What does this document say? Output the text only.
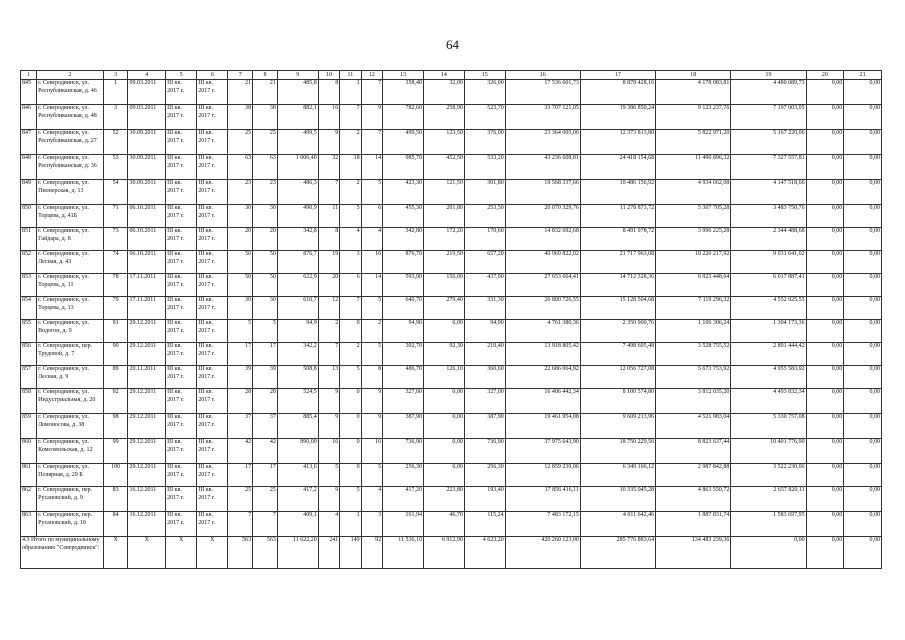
64
1	2	3	4	5	6	7	8	9	10	11	12	13	14	15	16	17	18	19	20	21
845	г. Северодвинск, ул. Республиканская, д. 46	1	09.03.2011	III кв. 2017 г.	III кв. 2017 г.	21	21	485,8	8	1	7	358,40	32,00	326,00	17 536 601,73	8 878 428,16	4 178 083,81	4 480 089,73	0,00	0,00
846	г. Северодвинск, ул. Республиканская, д. 48	3	09.03.2011	III кв. 2017 г.	III кв. 2017 г.	38	38	882,1	16	7	9	782,60	258,90	523,70	33 707 121,05	19 386 850,24	9 123 237,76	7 197 003,05	0,00	0,00
847	г. Северодвинск, ул. Республиканская, д. 27	52	30.09.2011	III кв. 2017 г.	III кв. 2017 г.	25	25	499,5	9	2	7	499,50	123,50	376,00	23 364 005,06	12 373 813,80	5 822 971,20	5 167 220,06	0,00	0,00
848	г. Северодвинск, ул. Республиканская, д. 36	53	30.09.2011	III кв. 2017 г.	III кв. 2017 г.	63	63	1 006,40	32	18	14	985,70	452,50	533,20	43 236 608,81	24 418 154,68	11 490 896,32	7 327 557,81	0,00	0,00
849	г. Северодвинск, ул. Пионерская, д. 13	54	30.09.2011	III кв. 2017 г.	III кв. 2017 г.	23	23	486,3	7	2	5	423,30	121,50	301,80	19 568 337,66	10 486 156,92	4 934 662,08	4 147 518,66	0,00	0,00
850	г. Северодвинск, ул. Торцева, д. 41Б	71	06.10.2011	III кв. 2017 г.	III кв. 2017 г.	30	30	490,9	11	5	6	455,30	201,80	253,50	20 070 329,76	11 278 873,72	5 307 705,28	3 483 750,76	0,00	0,00
851	г. Северодвинск, ул. Гайдара, д. 8	73	06.10.2011	III кв. 2017 г.	III кв. 2017 г.	20	20	342,8	8	4	4	342,80	172,20	170,60	14 832 692,68	8 491 978,72	3 996 225,28	2 344 488,68	0,00	0,00
852	г. Северодвинск, ул. Лесная, д. 43	74	06.10.2011	III кв. 2017 г.	III кв. 2017 г.	50	50	876,7	19	3	16	876,70	219,50	657,20	40 969 822,02	21 717 963,08	10 220 217,92	9 031 641,02	0,00	0,00
853	г. Северодвинск, ул. Торцева, д. 11	78	17.11.2011	III кв. 2017 г.	III кв. 2017 г.	50	50	622,9	20	6	14	593,90	156,00	437,90	27 653 664,41	14 712 328,36	6 923 448,64	6 017 887,41	0,00	0,00
854	г. Северодвинск, ул. Торцева, д. 13	79	17.11.2011	III кв. 2017 г.	III кв. 2017 г.	30	30	610,7	12	7	5	640,70	279,40	331,30	26 800 726,55	15 128 504,68	7 119 296,32	4 552 925,55	0,00	0,00
855	г. Северодвинск, ул. Водогон, д. 9	91	29.12.2011	III кв. 2017 г.	III кв. 2017 г.	5	5	94,9	2	0	2	94,90	0,00	94,90	4 761 380,36	2 350 900,76	1 106 306,24	1 304 173,36	0,00	0,00
856	г. Северодвинск, пер. Трудовой, д. 7	90	29.12.2011	III кв. 2017 г.	III кв. 2017 г.	17	17	342,2	7	2	5	302,70	92,30	210,40	13 918 805,42	7 498 605,48	3 528 755,52	2 891 444,42	0,00	0,00
857	г. Северодвинск, ул. Лесная, д. 9	89	20.11.2011	III кв. 2017 г.	III кв. 2017 г.	39	39	508,8	13	5	8	486,70	126,10	360,60	22 686 064,92	12 056 727,08	5 673 753,92	4 955 583,92	0,00	0,00
858	г. Северодвинск, ул. Индустриальная, д. 20	92	29.12.2011	III кв. 2017 г.	III кв. 2017 г.	28	28	524,5	9	0	9	327,00	0,00	327,00	16 406 442,34	8 100 574,80	3 812 035,20	4 493 832,34	0,00	0,00
859	г. Северодвинск, ул. Ломоносова, д. 38	98	29.12.2011	III кв. 2017 г.	III кв. 2017 г.	37	37	885,4	9	0	9	387,90	0,00	387,90	19 461 954,08	9 609 213,96	4 521 983,04	5 330 757,08	0,00	0,00
860	г. Северодвинск, ул. Комсомольская, д. 12	99	29.12.2011	III кв. 2017 г.	III кв. 2017 г.	42	42	890,00	16	0	16	736,90	0,00	736,90	37 975 643,90	18 750 229,56	8 823 637,44	10 401 776,90	0,00	0,00
861	г. Северодвинск, ул. Полярная, д. 29 Б	100	29.12.2011	III кв. 2017 г.	III кв. 2017 г.	17	17	413,6	5	0	5	256,30	0,00	256,30	12 859 239,06	6 349 166,12	2 987 842,88	3 522 230,06	0,00	0,00
862	г. Северодвинск, пер. Русановский, д. 9	83	16.12.2011	III кв. 2017 г.	III кв. 2017 г.	25	25	417,2	9	5	4	417,20	223,80	193,40	17 856 416,11	10 335 045,28	4 863 550,72	2 657 820,11	0,00	0,00
863	г. Северодвинск, пер. Русановский, д. 10	84	16.12.2011	III кв. 2017 г.	III кв. 2017 г.	7	7	409,1	4	1	3	161,94	46,70	115,24	7 483 172,15	4 011 642,46	1 887 831,74	1 583 697,95	0,00	0,00
4.3 Итого по муниципальному образованию "Северодвинск":		X	X	X	X	563	563	11 622,20	241	149	92	11 536,10	6 912,90	4 623,20	420 260 123,00	285 776 883,64	134 483 239,36	0,00	0,00	0,00
